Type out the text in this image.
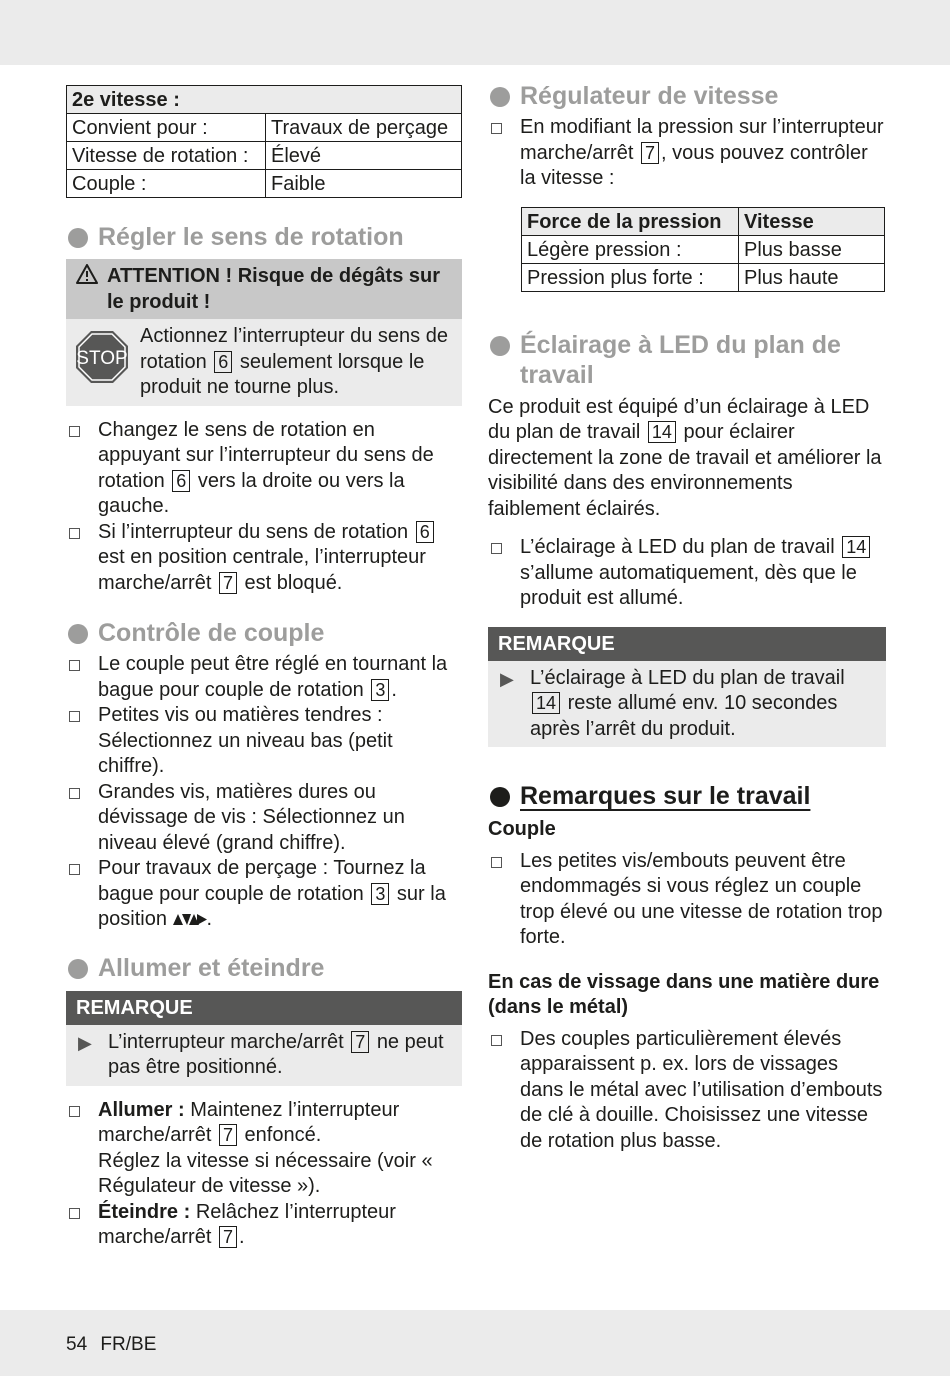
2e vitesse :	
Convient pour :	Travaux de perçage
Vitesse de rotation :	Élevé
Couple :	Faible
Régler le sens de rotation
ATTENTION ! Risque de dégâts sur le produit !
STOP
Actionnez l’interrupteur du sens de rotation 6 seulement lorsque le produit ne tourne plus.
Changez le sens de rotation en appuyant sur l’interrupteur du sens de rotation 6 vers la droite ou vers la gauche.
Si l’interrupteur du sens de rotation 6 est en position centrale, l’interrupteur marche/arrêt 7 est bloqué.
Contrôle de couple
Le couple peut être réglé en tournant la bague pour couple de rotation 3 .
Petites vis ou matières tendres : Sélectionnez un niveau bas (petit chiffre).
Grandes vis, matières dures ou dévissage de vis : Sélectionnez un niveau élevé (grand chiffre).
Pour travaux de perçage : Tournez la bague pour couple de rotation 3 sur la position .
Allumer et éteindre
REMARQUE
▶ L’interrupteur marche/arrêt 7 ne peut pas être positionné.
Allumer : Maintenez l’interrupteur marche/arrêt 7 enfoncé.
Réglez la vitesse si nécessaire (voir « Régulateur de vitesse »).
Éteindre : Relâchez l’interrupteur marche/arrêt 7 .
Régulateur de vitesse
En modifiant la pression sur l’interrupteur marche/arrêt 7 , vous pouvez contrôler la vitesse :
Force de la pression	Vitesse
Légère pression :	Plus basse
Pression plus forte :	Plus haute
Éclairage à LED du plan de travail

Ce produit est équipé d’un éclairage à LED du plan de travail 14 pour éclairer directement la zone de travail et améliorer la visibilité dans des environnements faiblement éclairés.

L’éclairage à LED du plan de travail 14 s’allume automatiquement, dès que le produit est allumé.
REMARQUE
▶ L’éclairage à LED du plan de travail 14 reste allumé env. 10 secondes après l’arrêt du produit.
Remarques sur le travail

Couple

Les petites vis/embouts peuvent être endommagés si vous réglez un couple trop élevé ou une vitesse de rotation trop forte.

En cas de vissage dans une matière dure (dans le métal)

Des couples particulièrement élevés apparaissent p. ex. lors de vissages dans le métal avec l’utilisation d’embouts de clé à douille. Choisissez une vitesse de rotation plus basse.
54 FR/BE
